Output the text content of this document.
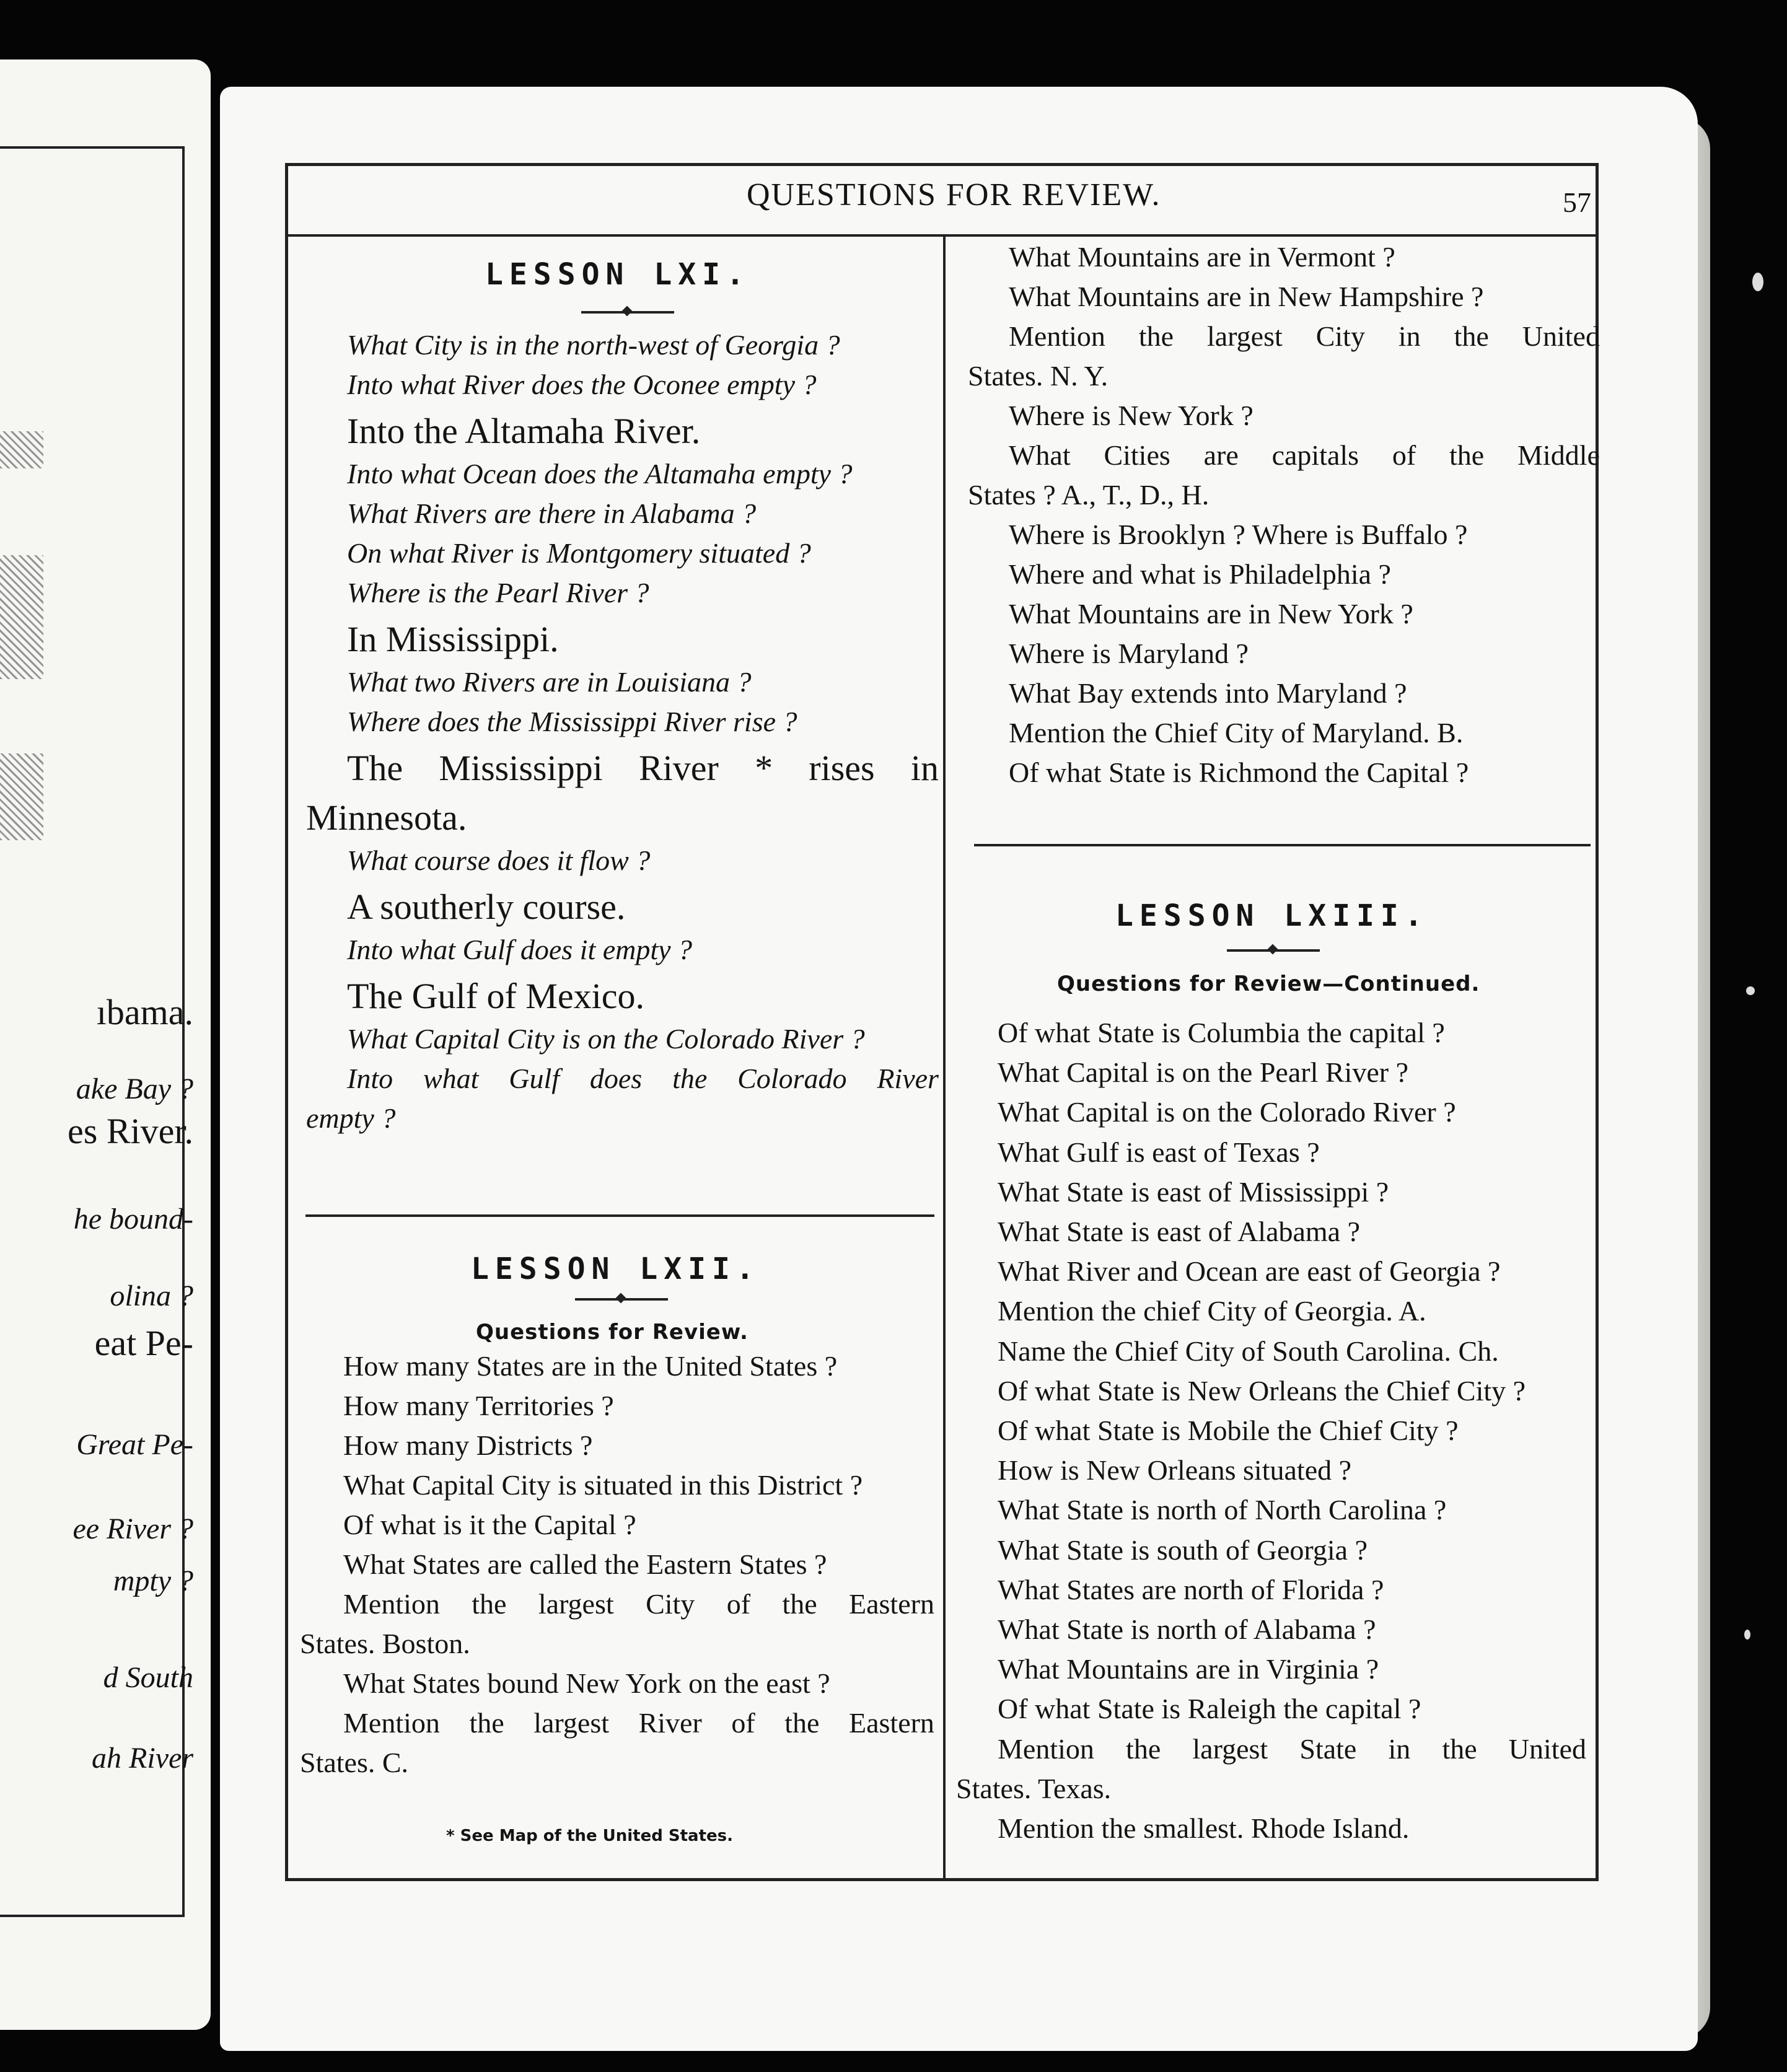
ıbama.
ake Bay ?
es River.
he bound-
olina ?
eat Pe-
Great Pe-
ee River ?
mpty ?
d South
ah River
QUESTIONS FOR REVIEW.	57
LESSON LXI.
What City is in the north-west of Georgia ?
Into what River does the Oconee empty ?
Into the Altamaha River.
Into what Ocean does the Altamaha empty ?
What Rivers are there in Alabama ?
On what River is Montgomery situated ?
Where is the Pearl River ?
In Mississippi.
What two Rivers are in Louisiana ?
Where does the Mississippi River rise ?
The Mississippi River * rises in
Minnesota.
What course does it flow ?
A southerly course.
Into what Gulf does it empty ?
The Gulf of Mexico.
What Capital City is on the Colorado River ?
Into what Gulf does the Colorado River
empty ?
LESSON LXII.
Questions for Review.
How many States are in the United States ?
How many Territories ?
How many Districts ?
What Capital City is situated in this District ?
Of what is it the Capital ?
What States are called the Eastern States ?
Mention the largest City of the Eastern
States. Boston.
What States bound New York on the east ?
Mention the largest River of the Eastern
States. C.
* See Map of the United States.
What Mountains are in Vermont ?
What Mountains are in New Hampshire ?
Mention the largest City in the United
States. N. Y.
Where is New York ?
What Cities are capitals of the Middle
States ? A., T., D., H.
Where is Brooklyn ? Where is Buffalo ?
Where and what is Philadelphia ?
What Mountains are in New York ?
Where is Maryland ?
What Bay extends into Maryland ?
Mention the Chief City of Maryland. B.
Of what State is Richmond the Capital ?
LESSON LXIII.
Questions for Review—Continued.
Of what State is Columbia the capital ?
What Capital is on the Pearl River ?
What Capital is on the Colorado River ?
What Gulf is east of Texas ?
What State is east of Mississippi ?
What State is east of Alabama ?
What River and Ocean are east of Georgia ?
Mention the chief City of Georgia. A.
Name the Chief City of South Carolina. Ch.
Of what State is New Orleans the Chief City ?
Of what State is Mobile the Chief City ?
How is New Orleans situated ?
What State is north of North Carolina ?
What State is south of Georgia ?
What States are north of Florida ?
What State is north of Alabama ?
What Mountains are in Virginia ?
Of what State is Raleigh the capital ?
Mention the largest State in the United
States. Texas.
Mention the smallest. Rhode Island.
